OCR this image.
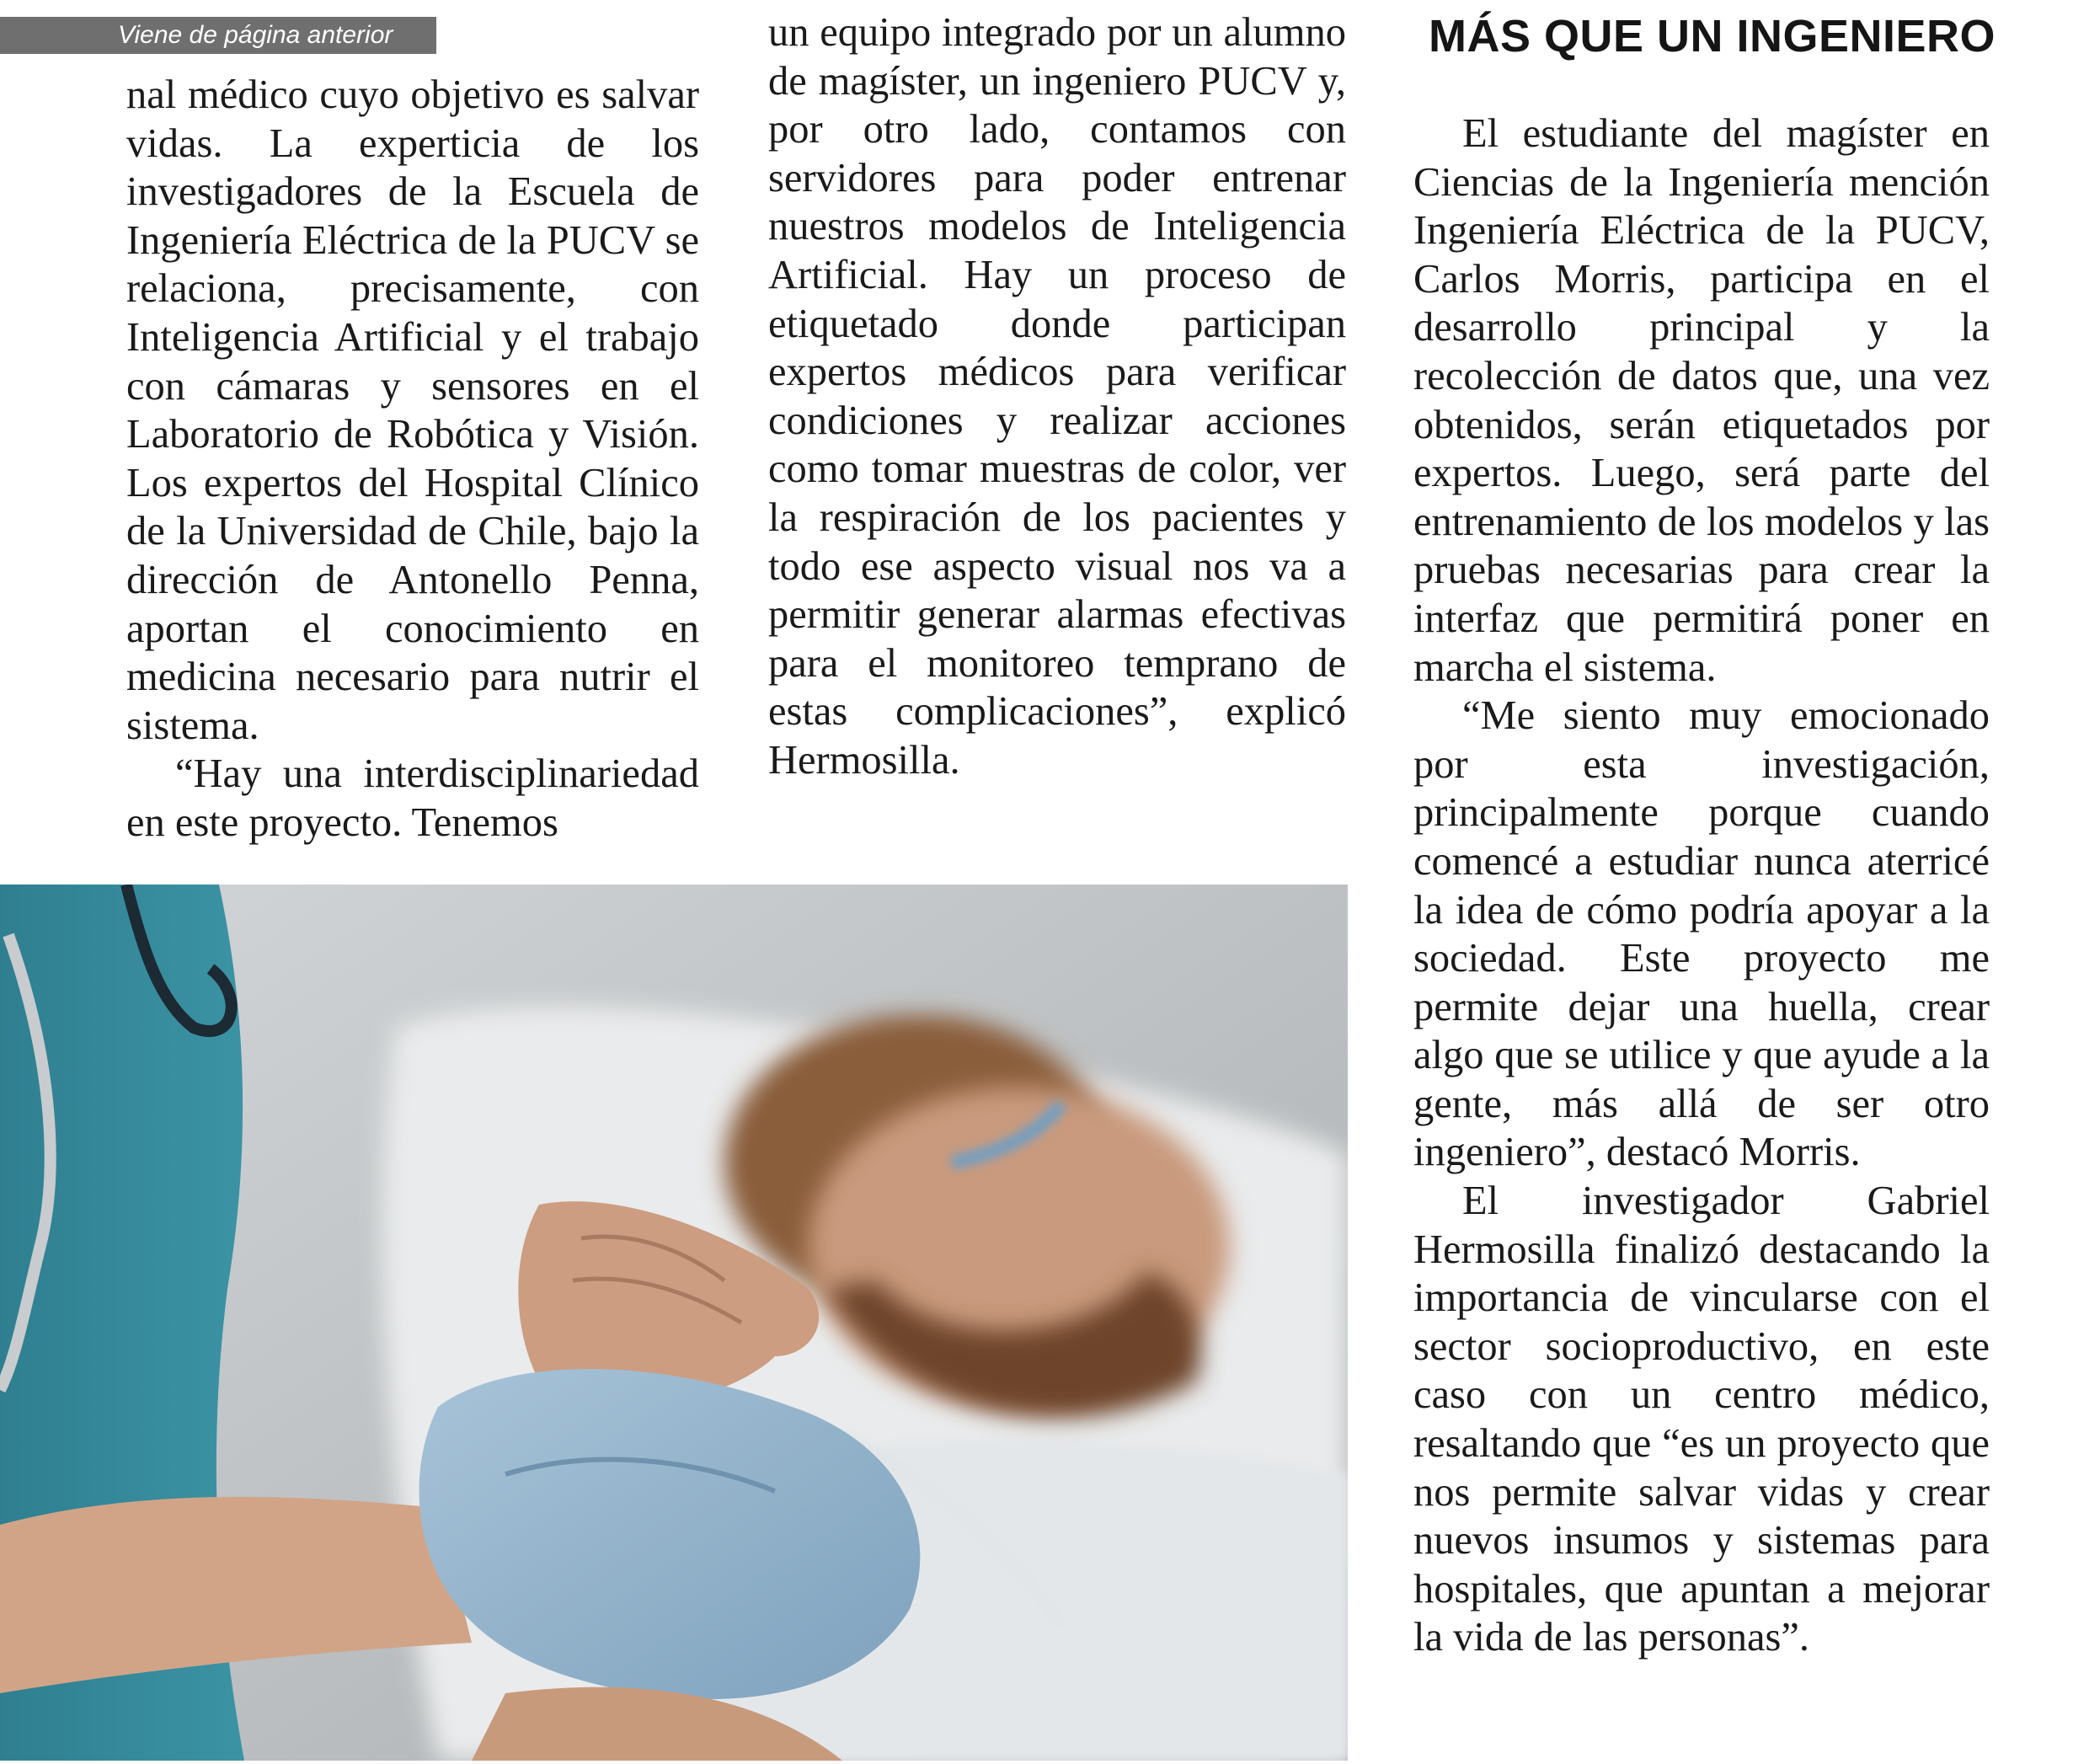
Viene de página anterior

nal médico cuyo objetivo es salvar vidas. La experticia de los investigadores de la Escuela de Ingeniería Eléctrica de la PUCV se relaciona, precisamente, con Inteligencia Artificial y el trabajo con cámaras y sensores en el Laboratorio de Robótica y Visión. Los expertos del Hospital Clínico de la Universidad de Chile, bajo la dirección de Antonello Penna, aportan el conocimiento en medicina necesario para nutrir el sistema.

“Hay una interdisciplinariedad en este proyecto. Tenemos

un equipo integrado por un alumno de magíster, un ingeniero PUCV y, por otro lado, contamos con servidores para poder entrenar nuestros modelos de Inteligencia Artificial. Hay un proceso de etiquetado donde participan expertos médicos para verificar condiciones y realizar acciones como tomar muestras de color, ver la respiración de los pacientes y todo ese aspecto visual nos va a permitir generar alarmas efectivas para el monitoreo temprano de estas complicaciones”, explicó Hermosilla.

MÁS QUE UN INGENIERO

El estudiante del magíster en Ciencias de la Ingeniería mención Ingeniería Eléctrica de la PUCV, Carlos Morris, participa en el desarrollo principal y la recolección de datos que, una vez obtenidos, serán etiquetados por expertos. Luego, será parte del entrenamiento de los modelos y las pruebas necesarias para crear la interfaz que permitirá poner en marcha el sistema.

“Me siento muy emocionado por esta investigación, principalmente porque cuando comencé a estudiar nunca aterricé la idea de cómo podría apoyar a la sociedad. Este proyecto me permite dejar una huella, crear algo que se utilice y que ayude a la gente, más allá de ser otro ingeniero”, destacó Morris.

El investigador Gabriel Hermosilla finalizó destacando la importancia de vincularse con el sector socioproductivo, en este caso con un centro médico, resaltando que “es un proyecto que nos permite salvar vidas y crear nuevos insumos y sistemas para hospitales, que apuntan a mejorar la vida de las personas”.
